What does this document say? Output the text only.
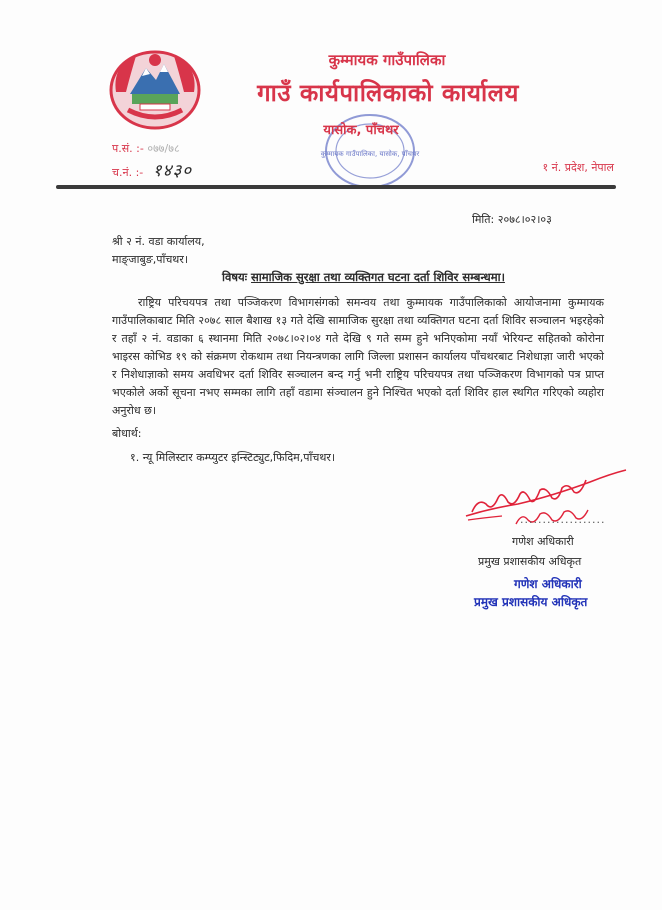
कुम्मायक गाउँपालिका
गाउँ कार्यपालिकाको कार्यालय
कुम्मायक गाउँपालिका, यासोक, पाँचथर
यासोक, पाँचथर
प.सं. :- ०७७/७८
च.नं. :- १४३०	१ नं. प्रदेश, नेपाल
मिति: २०७८।०२।०३
श्री २ नं. वडा कार्यालय,
माङ्जाबुङ,पाँचथर।
विषयः सामाजिक सुरक्षा तथा व्यक्तिगत घटना दर्ता शिविर सम्बन्धमा।
राष्ट्रिय परिचयपत्र तथा पञ्जिकरण विभागसंगको समन्वय तथा कुम्मायक गाउँपालिकाको आयोजनामा कुम्मायक गाउँपालिकाबाट मिति २०७८ साल बैशाख १३ गते देखि सामाजिक सुरक्षा तथा व्यक्तिगत घटना दर्ता शिविर सञ्चालन भइरहेको र तहाँ २ नं. वडाका ६ स्थानमा मिति २०७८।०२।०४ गते देखि ९ गते सम्म हुने भनिएकोमा नयाँ भेरियन्ट सहितको कोरोना भाइरस कोभिड १९ को संक्रमण रोकथाम तथा नियन्त्रणका लागि जिल्ला प्रशासन कार्यालय पाँचथरबाट निशेधाज्ञा जारी भएको र निशेधाज्ञाको समय अवधिभर दर्ता शिविर सञ्चालन बन्द गर्नु भनी राष्ट्रिय परिचयपत्र तथा पञ्जिकरण विभागको पत्र प्राप्त भएकोले अर्को सूचना नभए सम्मका लागि तहाँ वडामा संञ्चालन हुने निश्चित भएको दर्ता शिविर हाल स्थगित गरिएको व्यहोरा अनुरोध छ।
बोधार्थ:
१. न्यू मिलिस्टार कम्प्युटर इन्स्टिट्युट,फिदिम,पाँचथर।
...................
गणेश अधिकारी
प्रमुख प्रशासकीय अधिकृत
गणेश अधिकारी
प्रमुख प्रशासकीय अधिकृत
